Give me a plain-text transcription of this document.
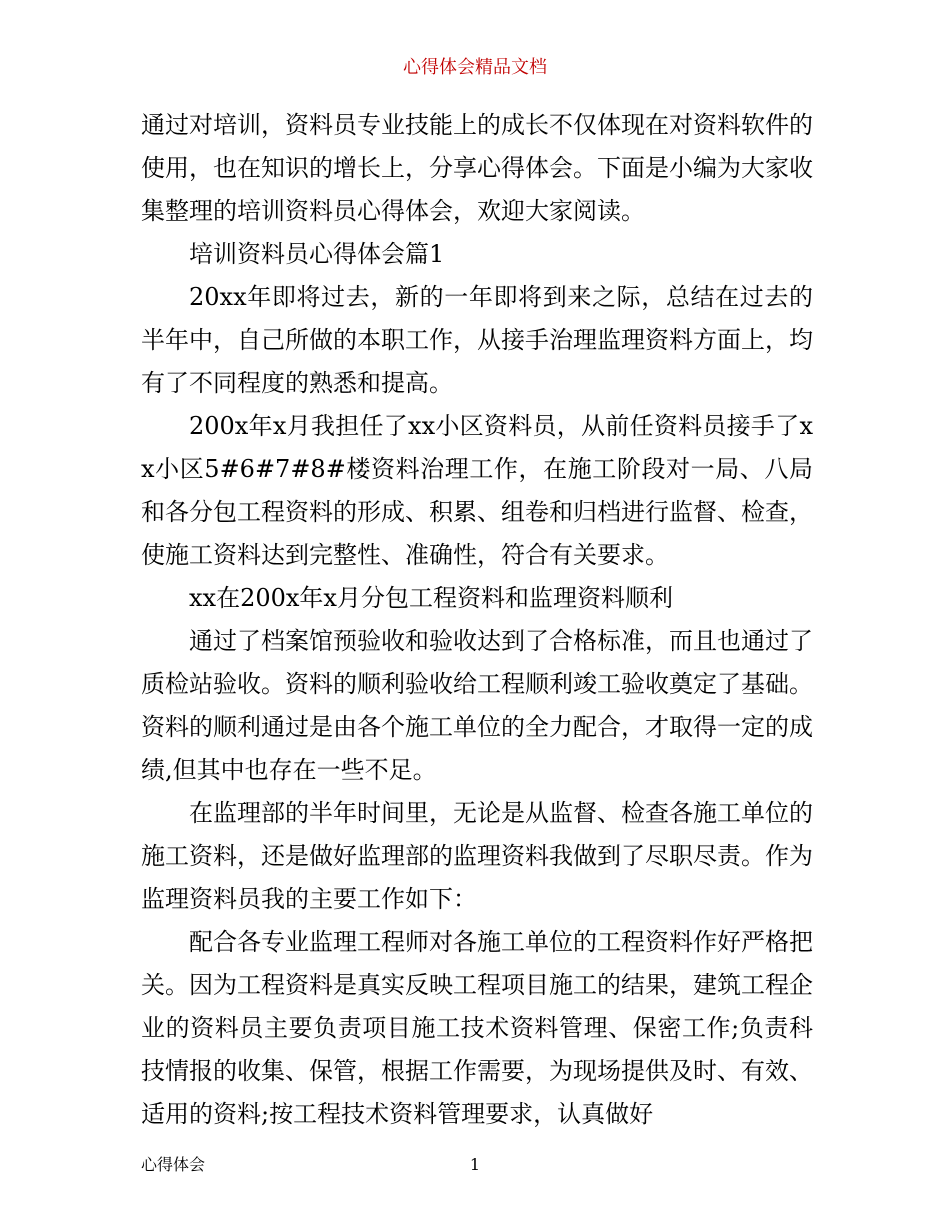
心得体会精品文档

通过对培训，资料员专业技能上的成长不仅体现在对资料软件的使用，也在知识的增长上，分享心得体会。下面是小编为大家收集整理的培训资料员心得体会，欢迎大家阅读。

培训资料员心得体会篇1

20xx年即将过去，新的一年即将到来之际，总结在过去的半年中，自己所做的本职工作，从接手治理监理资料方面上，均有了不同程度的熟悉和提高。

200x年x月我担任了xx小区资料员，从前任资料员接手了xx小区5#6#7#8#楼资料治理工作，在施工阶段对一局、八局和各分包工程资料的形成、积累、组卷和归档进行监督、检查，使施工资料达到完整性、准确性，符合有关要求。

xx在200x年x月分包工程资料和监理资料顺利

通过了档案馆预验收和验收达到了合格标准，而且也通过了质检站验收。资料的顺利验收给工程顺利竣工验收奠定了基础。资料的顺利通过是由各个施工单位的全力配合，才取得一定的成绩,但其中也存在一些不足。

在监理部的半年时间里，无论是从监督、检查各施工单位的施工资料，还是做好监理部的监理资料我做到了尽职尽责。作为监理资料员我的主要工作如下：

配合各专业监理工程师对各施工单位的工程资料作好严格把关。因为工程资料是真实反映工程项目施工的结果，建筑工程企业的资料员主要负责项目施工技术资料管理、保密工作;负责科技情报的收集、保管，根据工作需要，为现场提供及时、有效、适用的资料;按工程技术资料管理要求，认真做好

心得体会	1
